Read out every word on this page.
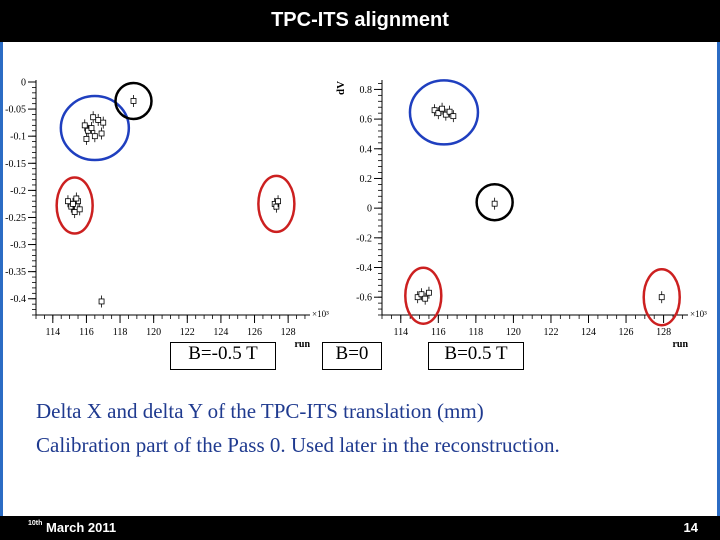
TPC-ITS alignment
0
-0.05
-0.1
-0.15
-0.2
-0.25
-0.3
-0.35
-0.4
114 116 118 120 122 124 126 128
run
×10³
0.8
0.6
0.4
0.2
0
-0.2
-0.4
-0.6
114 116 118 120 122 124 126 128
run
×10³
dV
B=-0.5 T	B=0	B=0.5 T
Delta X and delta Y of the TPC-ITS translation (mm)
Calibration part of the Pass 0. Used later in the reconstruction.
$^{10th}$ March 2011	14
